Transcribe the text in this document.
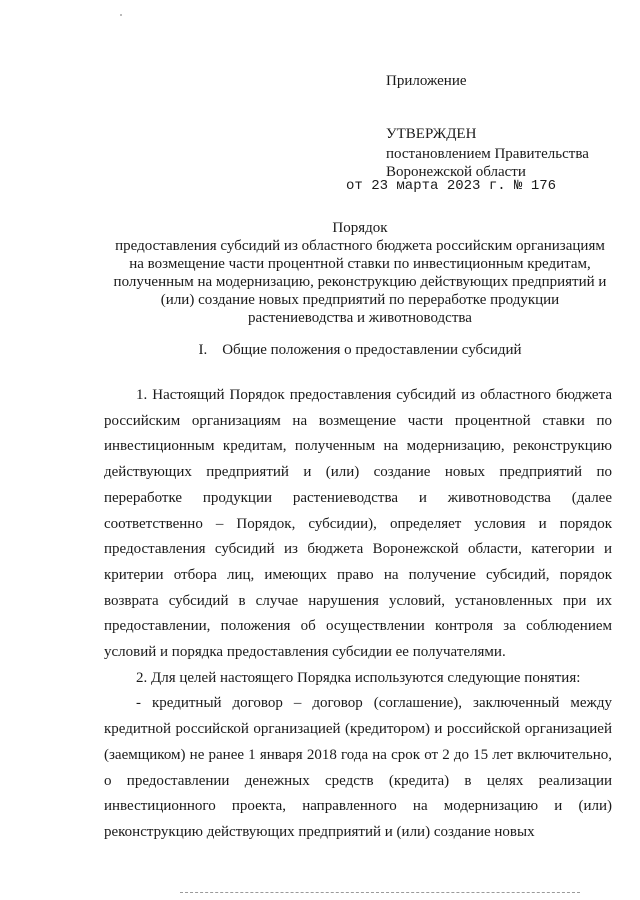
Приложение
УТВЕРЖДЕН
постановлением Правительства
Воронежской области
от 23 марта 2023 г. № 176
Порядок
предоставления субсидий из областного бюджета российским организациям
на возмещение части процентной ставки по инвестиционным кредитам,
полученным на модернизацию, реконструкцию действующих предприятий и
(или) создание новых предприятий по переработке продукции
растениеводства и животноводства
I. Общие положения о предоставлении субсидий

1. Настоящий Порядок предоставления субсидий из областного бюджета российским организациям на возмещение части процентной ставки по инвестиционным кредитам, полученным на модернизацию, реконструкцию действующих предприятий и (или) создание новых предприятий по переработке продукции растениеводства и животноводства (далее соответственно – Порядок, субсидии), определяет условия и порядок предоставления субсидий из бюджета Воронежской области, категории и критерии отбора лиц, имеющих право на получение субсидий, порядок возврата субсидий в случае нарушения условий, установленных при их предоставлении, положения об осуществлении контроля за соблюдением условий и порядка предоставления субсидии ее получателями.

2. Для целей настоящего Порядка используются следующие понятия:

- кредитный договор – договор (соглашение), заключенный между кредитной российской организацией (кредитором) и российской организацией (заемщиком) не ранее 1 января 2018 года на срок от 2 до 15 лет включительно, о предоставлении денежных средств (кредита) в целях реализации инвестиционного проекта, направленного на модернизацию и (или) реконструкцию действующих предприятий и (или) создание новых
